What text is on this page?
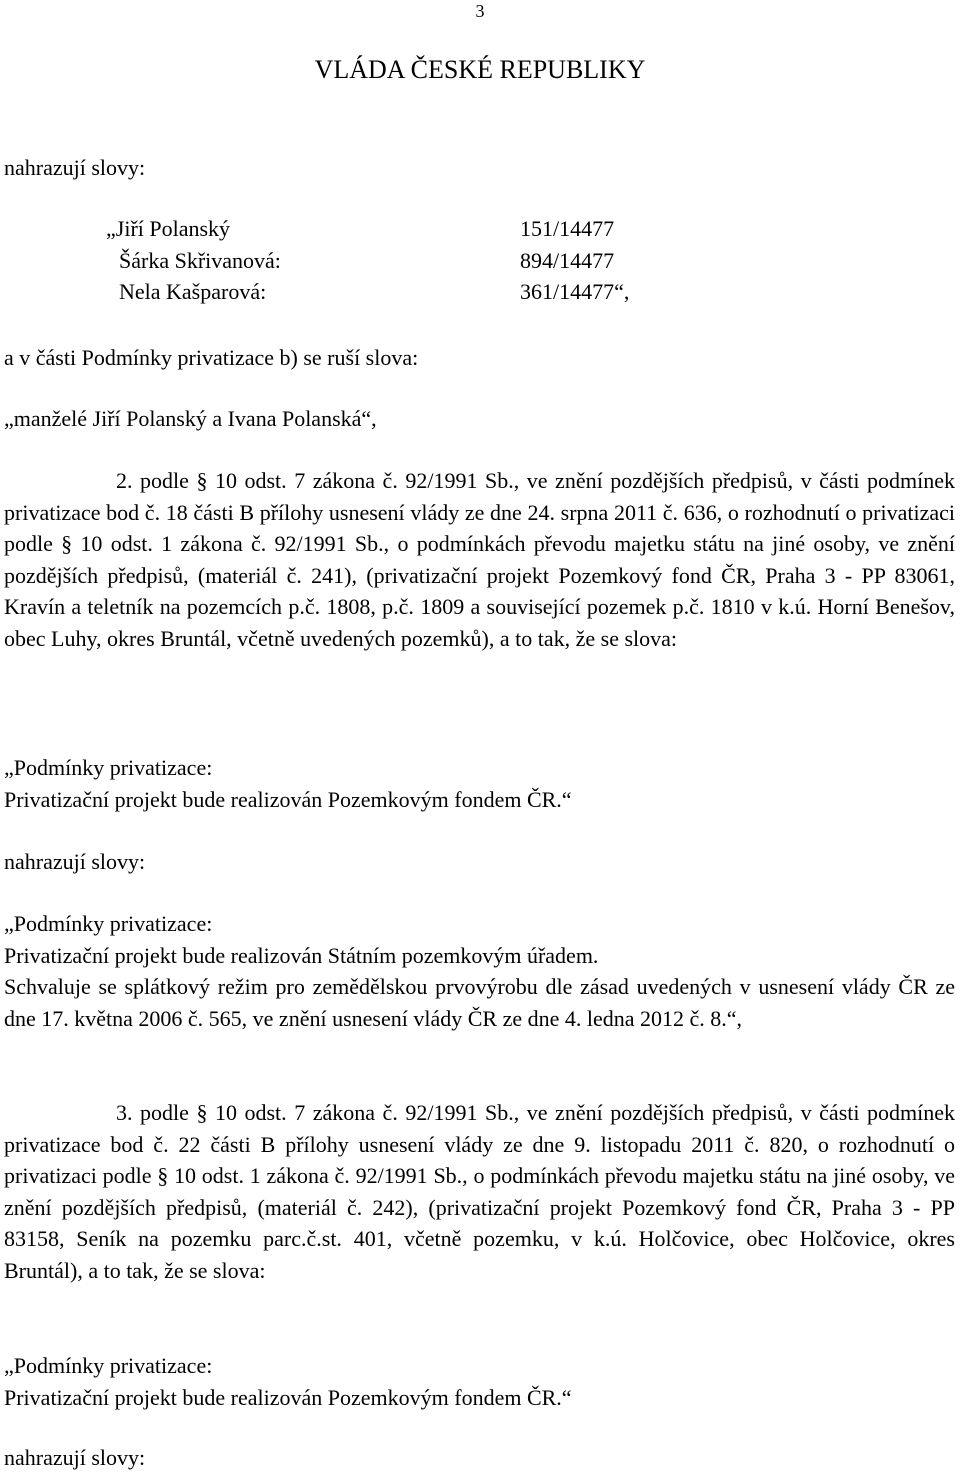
3
VLÁDA ČESKÉ REPUBLIKY

nahrazují slovy:

„Jiří Polanský	151/14477
Šárka Skřivanová:	894/14477
Nela Kašparová:	361/14477“,

a v části Podmínky privatizace b) se ruší slova:

„manželé Jiří Polanský a Ivana Polanská“,

2. podle § 10 odst. 7 zákona č. 92/1991 Sb., ve znění pozdějších předpisů, v části podmínek privatizace bod č. 18 části B přílohy usnesení vlády ze dne 24. srpna 2011 č. 636, o rozhodnutí o privatizaci podle § 10 odst. 1 zákona č. 92/1991 Sb., o podmínkách převodu majetku státu na jiné osoby, ve znění pozdějších předpisů, (materiál č. 241), (privatizační projekt Pozemkový fond ČR, Praha 3 - PP 83061, Kravín a teletník na pozemcích p.č. 1808, p.č. 1809 a související pozemek p.č. 1810 v k.ú. Horní Benešov, obec Luhy, okres Bruntál, včetně uvedených pozemků), a to tak, že se slova:

„Podmínky privatizace:

Privatizační projekt bude realizován Pozemkovým fondem ČR.“

nahrazují slovy:

„Podmínky privatizace:

Privatizační projekt bude realizován Státním pozemkovým úřadem.

Schvaluje se splátkový režim pro zemědělskou prvovýrobu dle zásad uvedených v usnesení vlády ČR ze dne 17. května 2006 č. 565, ve znění usnesení vlády ČR ze dne 4. ledna 2012 č. 8.“,

3. podle § 10 odst. 7 zákona č. 92/1991 Sb., ve znění pozdějších předpisů, v části podmínek privatizace bod č. 22 části B přílohy usnesení vlády ze dne 9. listopadu 2011 č. 820, o rozhodnutí o privatizaci podle § 10 odst. 1 zákona č. 92/1991 Sb., o podmínkách převodu majetku státu na jiné osoby, ve znění pozdějších předpisů, (materiál č. 242), (privatizační projekt Pozemkový fond ČR, Praha 3 - PP 83158, Seník na pozemku parc.č.st. 401, včetně pozemku, v k.ú. Holčovice, obec Holčovice, okres Bruntál), a to tak, že se slova:

„Podmínky privatizace:

Privatizační projekt bude realizován Pozemkovým fondem ČR.“

nahrazují slovy:
